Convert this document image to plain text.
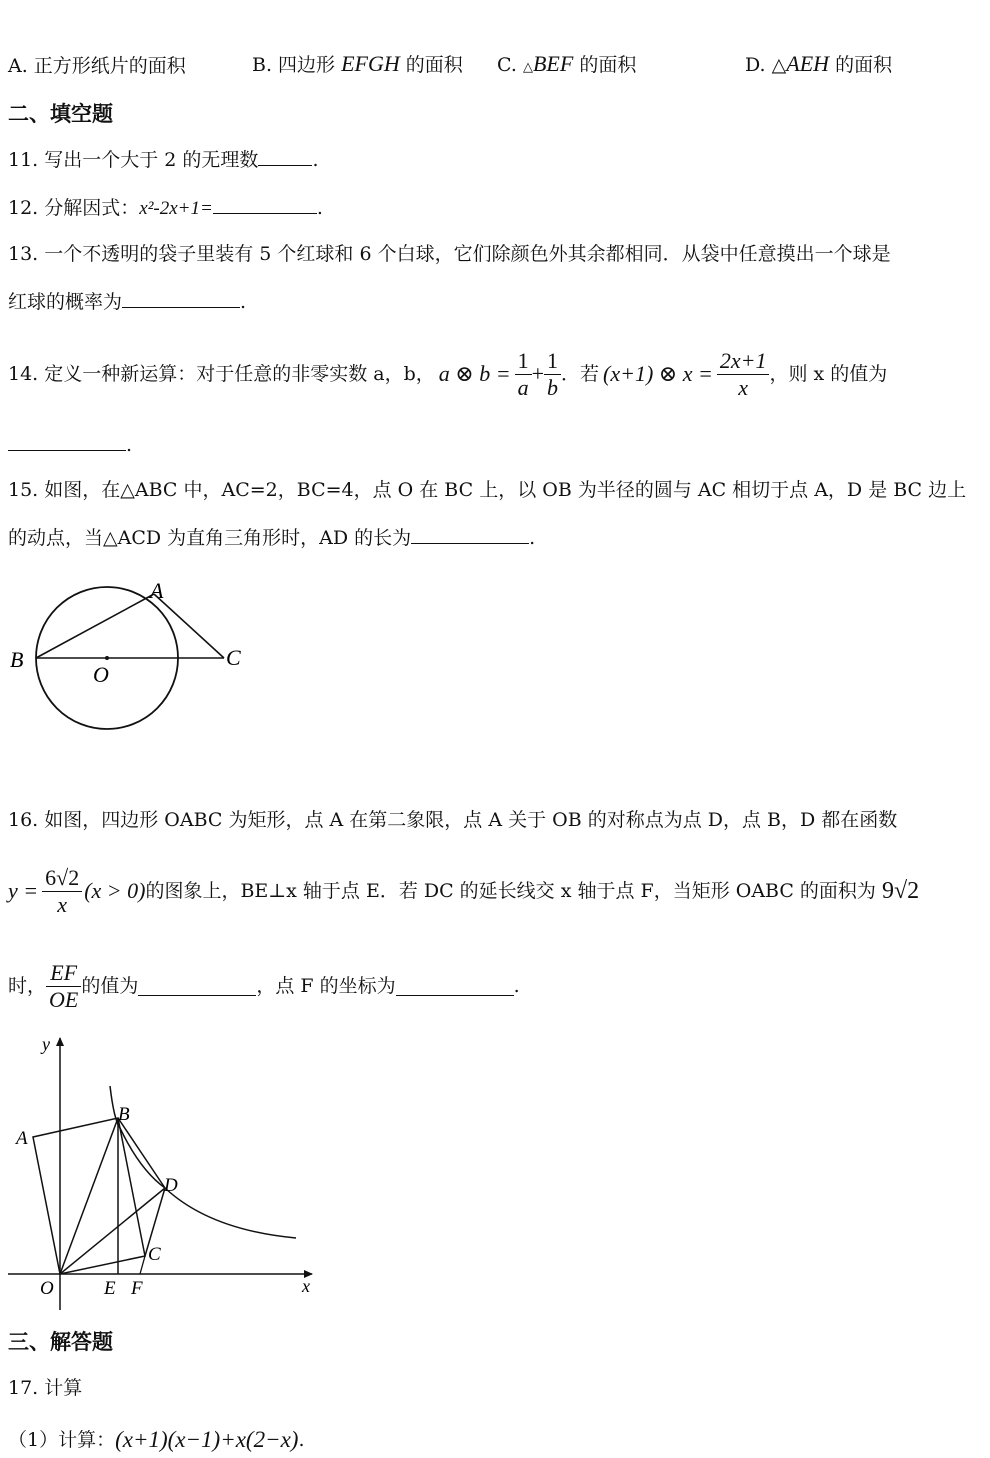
A. 正方形纸片的面积	B. 四边形 EFGH 的面积 C. △BEF 的面积	D. △AEH 的面积
二、填空题
11. 写出一个大于 2 的无理数	.
12. 分解因式：x²-2x+1=	.
13. 一个不透明的袋子里装有 5 个红球和 6 个白球，它们除颜色外其余都相同．从袋中任意摸出一个球是
红球的概率为	.
14. 定义一种新运算：对于任意的非零实数 a，b， a ⊗ $b = \frac{1}{a} + \frac{1}{b}$ ．若 (x+1) ⊗ $x = \frac{2x+1}{x}$ ，则 x 的值为
.
15. 如图，在△ABC 中，AC=2，BC=4，点 O 在 BC 上，以 OB 为半径的圆与 AC 相切于点 A，D 是 BC 边上
的动点，当△ACD 为直角三角形时，AD 的长为	.
A
B	C
O
16. 如图，四边形 OABC 为矩形，点 A 在第二象限，点 A 关于 OB 的对称点为点 D，点 B，D 都在函数
$y = \frac{6√2}{x} (x > 0)$ 的图象上，BE⊥x 轴于点 E．若 DC 的延长线交 x 轴于点 F，当矩形 OABC 的面积为 9√2
时， $\frac{EF}{OE}$ 的值为	，点 F 的坐标为	.
y
x
A
B
C
D
O	E F
三、解答题
17. 计算
（1）计算： (x+1)(x−1)+x(2−x) .
